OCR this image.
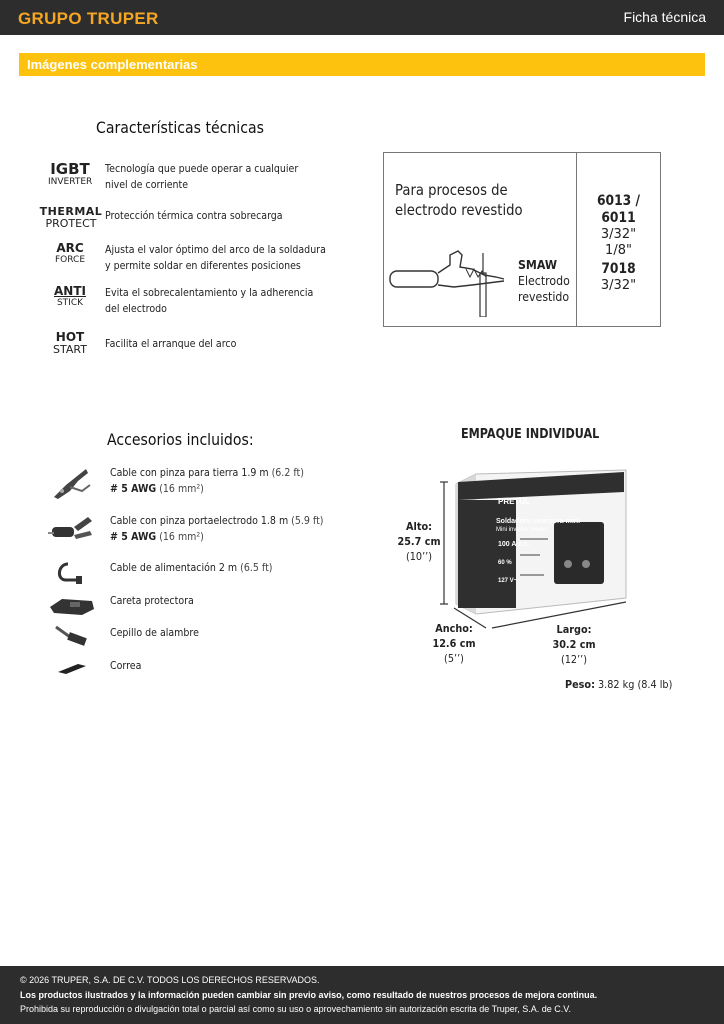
GRUPO TRUPER	Ficha técnica
Imágenes complementarias
Características técnicas
IGBT
INVERTER
Tecnología que puede operar a cualquier
nivel de corriente
THERMAL
PROTECT
Protección térmica contra sobrecarga
ARC
FORCE
Ajusta el valor óptimo del arco de la soldadura
y permite soldar en diferentes posiciones
ANTI
STICK
Evita el sobrecalentamiento y la adherencia
del electrodo
HOT
START	Facilita el arranque del arco
Para procesos de
electrodo revestido
SMAW
Electrodo
revestido
6013 / 6011
3/32"
1/8"
7018
3/32"
Accesorios incluidos:
Cable con pinza para tierra 1.9 m (6.2 ft)
# 5 AWG (16 mm²)
Cable con pinza portaelectrodo 1.8 m (5.9 ft)
# 5 AWG (16 mm²)
Cable de alimentación 2 m (6.5 ft)
Careta protectora
Cepillo de alambre
Correa
EMPAQUE INDIVIDUAL
PRETUL
Soldadora inversora mini
Mini inverter welder
100 A c.c.
60 %
127 V~
Alto:
25.7 cm
(10’’)
Ancho:
12.6 cm
(5’’)
Largo:
30.2 cm
(12’’)
Peso: 3.82 kg (8.4 lb)

© 2026 TRUPER, S.A. DE C.V. TODOS LOS DERECHOS RESERVADOS.

Los productos ilustrados y la información pueden cambiar sin previo aviso, como resultado de nuestros procesos de mejora continua.

Prohibida su reproducción o divulgación total o parcial así como su uso o aprovechamiento sin autorización escrita de Truper, S.A. de C.V.
